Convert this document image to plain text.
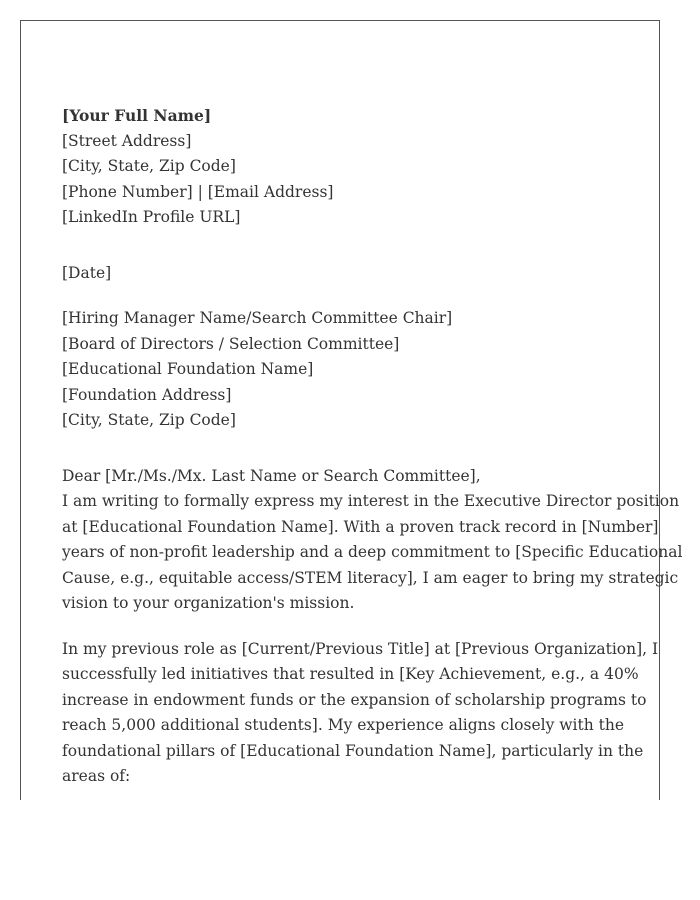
[Your Full Name]
[Street Address]
[City, State, Zip Code]
[Phone Number] | [Email Address]
[LinkedIn Profile URL]
[Date]
[Hiring Manager Name/Search Committee Chair]
[Board of Directors / Selection Committee]
[Educational Foundation Name]
[Foundation Address]
[City, State, Zip Code]
Dear [Mr./Ms./Mx. Last Name or Search Committee],
I am writing to formally express my interest in the Executive Director position
at [Educational Foundation Name]. With a proven track record in [Number]
years of non-profit leadership and a deep commitment to [Specific Educational
Cause, e.g., equitable access/STEM literacy], I am eager to bring my strategic
vision to your organization's mission.
In my previous role as [Current/Previous Title] at [Previous Organization], I
successfully led initiatives that resulted in [Key Achievement, e.g., a 40%
increase in endowment funds or the expansion of scholarship programs to
reach 5,000 additional students]. My experience aligns closely with the
foundational pillars of [Educational Foundation Name], particularly in the
areas of:
